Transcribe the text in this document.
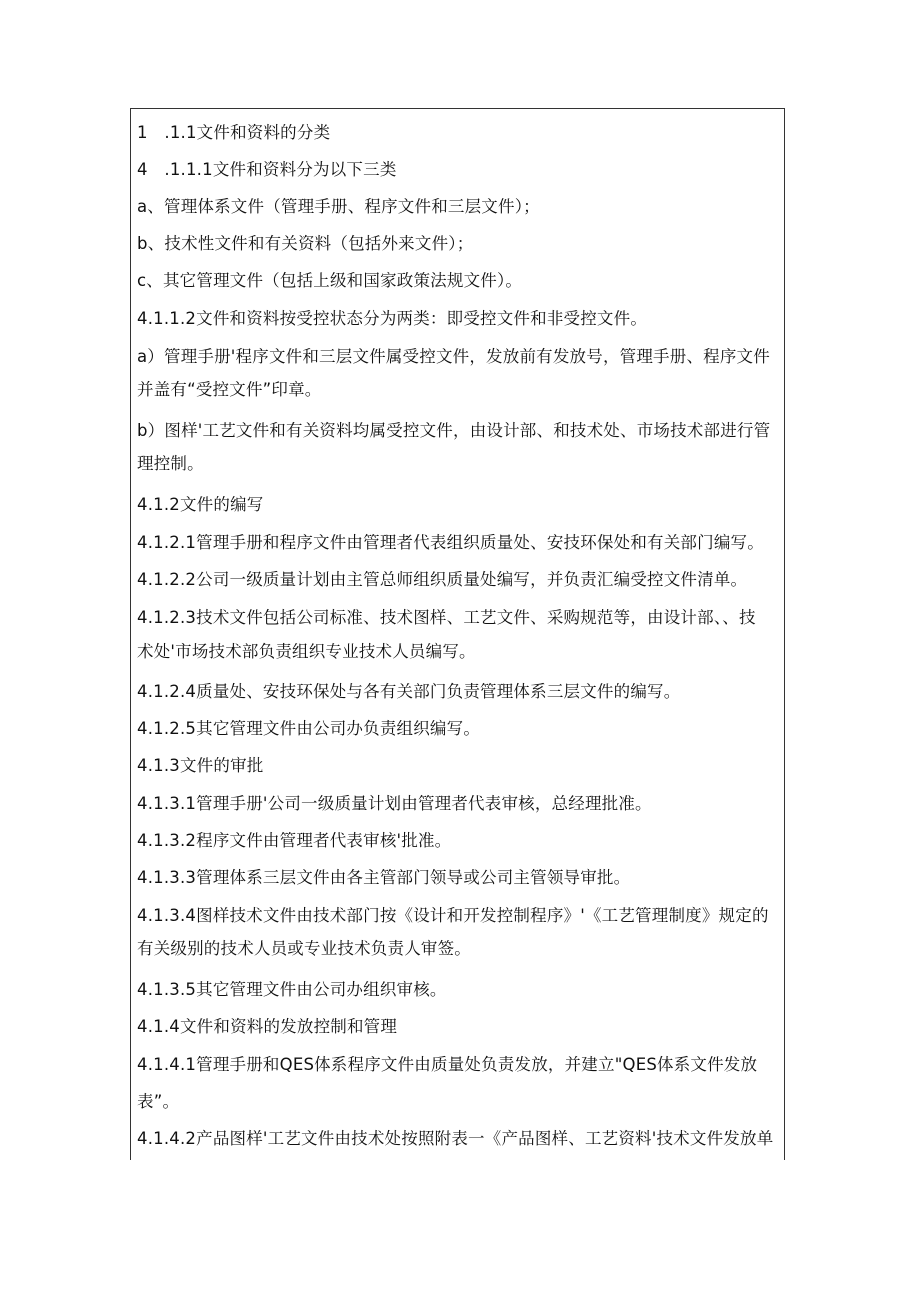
1　.1.1文件和资料的分类
4　.1.1.1文件和资料分为以下三类
a、管理体系文件（管理手册、程序文件和三层文件）；
b、技术性文件和有关资料（包括外来文件）；
c、其它管理文件（包括上级和国家政策法规文件）。
4.1.1.2文件和资料按受控状态分为两类：即受控文件和非受控文件。
a）管理手册'程序文件和三层文件属受控文件，发放前有发放号，管理手册、程序文件
并盖有“受控文件”印章。
b）图样'工艺文件和有关资料均属受控文件，由设计部、和技术处、市场技术部进行管
理控制。
4.1.2文件的编写
4.1.2.1管理手册和程序文件由管理者代表组织质量处、安技环保处和有关部门编写。
4.1.2.2公司一级质量计划由主管总师组织质量处编写，并负责汇编受控文件清单。
4.1.2.3技术文件包括公司标准、技术图样、工艺文件、采购规范等，由设计部、、技
术处'市场技术部负责组织专业技术人员编写。
4.1.2.4质量处、安技环保处与各有关部门负责管理体系三层文件的编写。
4.1.2.5其它管理文件由公司办负责组织编写。
4.1.3文件的审批
4.1.3.1管理手册'公司一级质量计划由管理者代表审核，总经理批准。
4.1.3.2程序文件由管理者代表审核'批准。
4.1.3.3管理体系三层文件由各主管部门领导或公司主管领导审批。
4.1.3.4图样技术文件由技术部门按《设计和开发控制程序》'《工艺管理制度》规定的
有关级别的技术人员或专业技术负责人审签。
4.1.3.5其它管理文件由公司办组织审核。
4.1.4文件和资料的发放控制和管理
4.1.4.1管理手册和QES体系程序文件由质量处负责发放，并建立"QES体系文件发放
表”。
4.1.4.2产品图样'工艺文件由技术处按照附表一《产品图样、工艺资料'技术文件发放单
